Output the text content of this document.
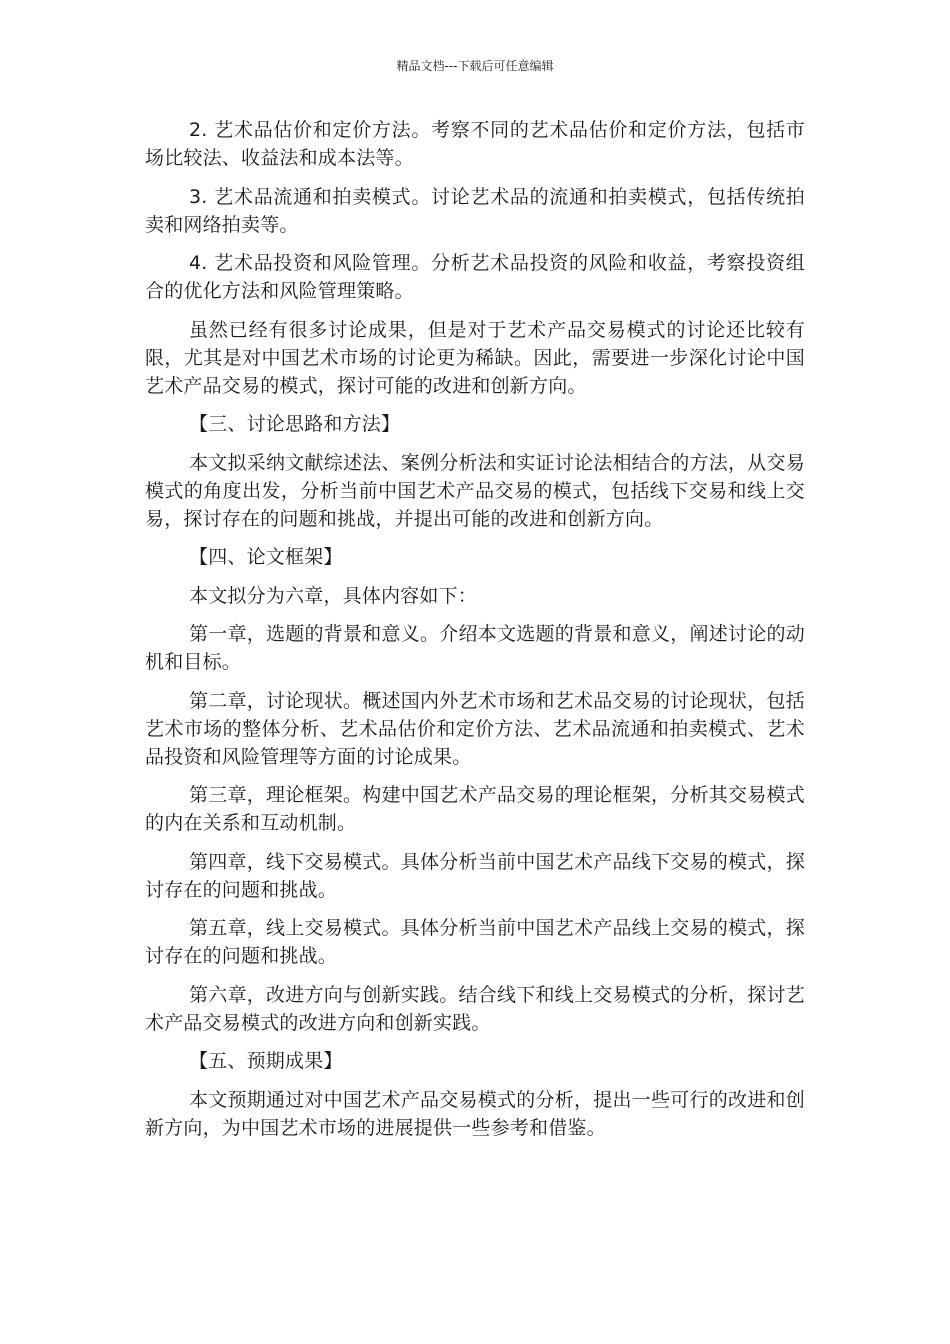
精品文档---下载后可任意编辑

2. 艺术品估价和定价方法。考察不同的艺术品估价和定价方法，包括市场比较法、收益法和成本法等。

3. 艺术品流通和拍卖模式。讨论艺术品的流通和拍卖模式，包括传统拍卖和网络拍卖等。

4. 艺术品投资和风险管理。分析艺术品投资的风险和收益，考察投资组合的优化方法和风险管理策略。

虽然已经有很多讨论成果，但是对于艺术产品交易模式的讨论还比较有限，尤其是对中国艺术市场的讨论更为稀缺。因此，需要进一步深化讨论中国艺术产品交易的模式，探讨可能的改进和创新方向。

【三、讨论思路和方法】

本文拟采纳文献综述法、案例分析法和实证讨论法相结合的方法，从交易模式的角度出发，分析当前中国艺术产品交易的模式，包括线下交易和线上交易，探讨存在的问题和挑战，并提出可能的改进和创新方向。

【四、论文框架】

本文拟分为六章，具体内容如下：

第一章，选题的背景和意义。介绍本文选题的背景和意义，阐述讨论的动机和目标。

第二章，讨论现状。概述国内外艺术市场和艺术品交易的讨论现状，包括艺术市场的整体分析、艺术品估价和定价方法、艺术品流通和拍卖模式、艺术品投资和风险管理等方面的讨论成果。

第三章，理论框架。构建中国艺术产品交易的理论框架，分析其交易模式的内在关系和互动机制。

第四章，线下交易模式。具体分析当前中国艺术产品线下交易的模式，探讨存在的问题和挑战。

第五章，线上交易模式。具体分析当前中国艺术产品线上交易的模式，探讨存在的问题和挑战。

第六章，改进方向与创新实践。结合线下和线上交易模式的分析，探讨艺术产品交易模式的改进方向和创新实践。

【五、预期成果】

本文预期通过对中国艺术产品交易模式的分析，提出一些可行的改进和创新方向，为中国艺术市场的进展提供一些参考和借鉴。
